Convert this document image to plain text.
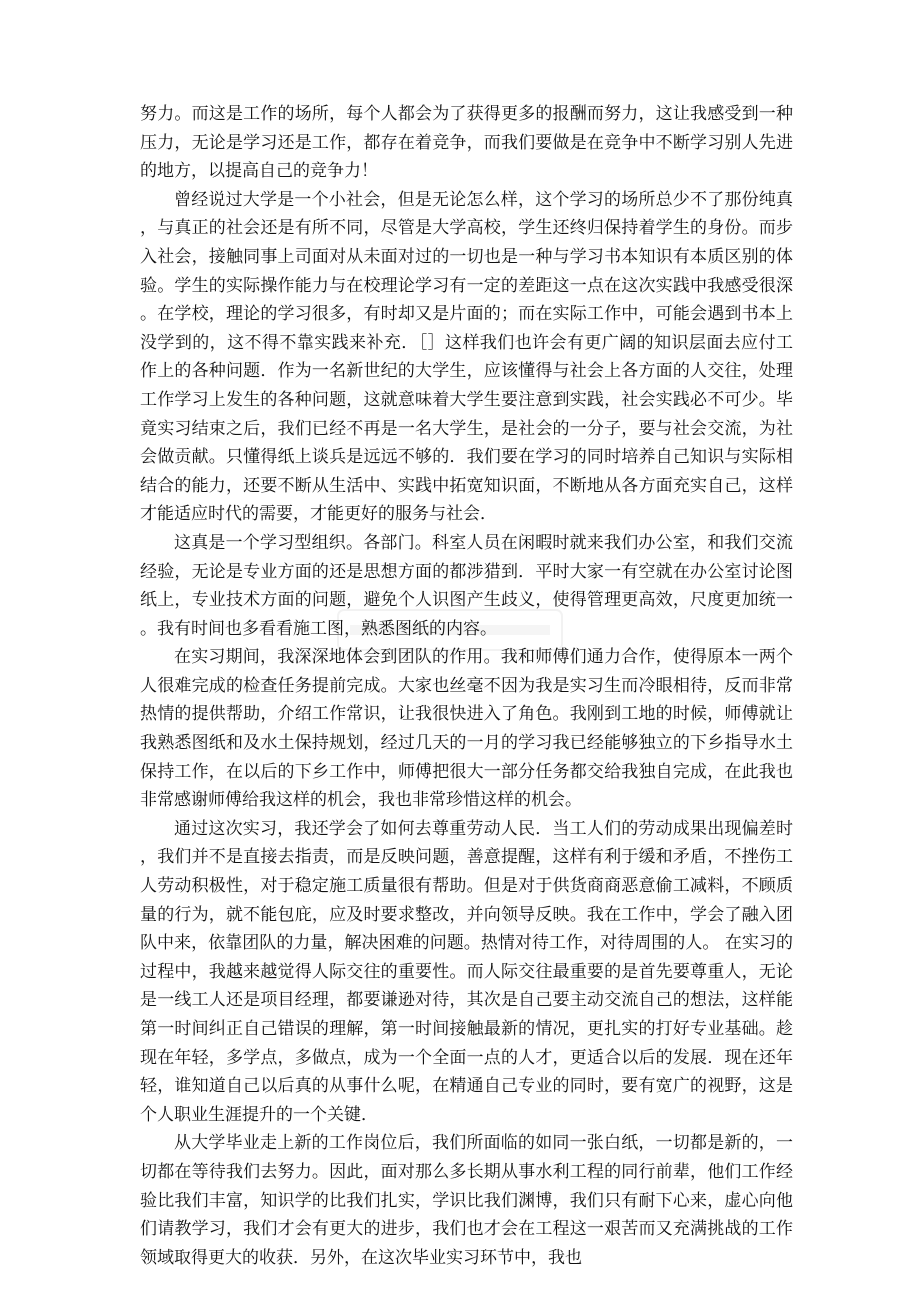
努力。而这是工作的场所，每个人都会为了获得更多的报酬而努力，这让我感受到一种压力，无论是学习还是工作，都存在着竞争，而我们要做是在竞争中不断学习别人先进的地方，以提高自己的竞争力！

曾经说过大学是一个小社会，但是无论怎么样，这个学习的场所总少不了那份纯真，与真正的社会还是有所不同，尽管是大学高校，学生还终归保持着学生的身份。而步入社会，接触同事上司面对从未面对过的一切也是一种与学习书本知识有本质区别的体验。学生的实际操作能力与在校理论学习有一定的差距这一点在这次实践中我感受很深。在学校，理论的学习很多，有时却又是片面的；而在实际工作中，可能会遇到书本上没学到的，这不得不靠实践来补充．［］这样我们也许会有更广阔的知识层面去应付工作上的各种问题．作为一名新世纪的大学生，应该懂得与社会上各方面的人交往，处理工作学习上发生的各种问题，这就意味着大学生要注意到实践，社会实践必不可少。毕竟实习结束之后，我们已经不再是一名大学生，是社会的一分子，要与社会交流，为社会做贡献。只懂得纸上谈兵是远远不够的．我们要在学习的同时培养自己知识与实际相结合的能力，还要不断从生活中、实践中拓宽知识面，不断地从各方面充实自己，这样才能适应时代的需要，才能更好的服务与社会．

这真是一个学习型组织。各部门。科室人员在闲暇时就来我们办公室，和我们交流经验，无论是专业方面的还是思想方面的都涉猎到．平时大家一有空就在办公室讨论图纸上，专业技术方面的问题，避免个人识图产生歧义，使得管理更高效，尺度更加统一。我有时间也多看看施工图，熟悉图纸的内容。

在实习期间，我深深地体会到团队的作用。我和师傅们通力合作，使得原本一两个人很难完成的检查任务提前完成。大家也丝毫不因为我是实习生而冷眼相待，反而非常热情的提供帮助，介绍工作常识，让我很快进入了角色。我刚到工地的时候，师傅就让我熟悉图纸和及水土保持规划，经过几天的一月的学习我已经能够独立的下乡指导水土保持工作，在以后的下乡工作中，师傅把很大一部分任务都交给我独自完成，在此我也非常感谢师傅给我这样的机会，我也非常珍惜这样的机会。

通过这次实习，我还学会了如何去尊重劳动人民．当工人们的劳动成果出现偏差时，我们并不是直接去指责，而是反映问题，善意提醒，这样有利于缓和矛盾，不挫伤工人劳动积极性，对于稳定施工质量很有帮助。但是对于供货商商恶意偷工减料，不顾质量的行为，就不能包庇，应及时要求整改，并向领导反映。我在工作中，学会了融入团队中来，依靠团队的力量，解决困难的问题。热情对待工作，对待周围的人。 在实习的过程中，我越来越觉得人际交往的重要性。而人际交往最重要的是首先要尊重人，无论是一线工人还是项目经理，都要谦逊对待，其次是自己要主动交流自己的想法，这样能第一时间纠正自己错误的理解，第一时间接触最新的情况，更扎实的打好专业基础。趁现在年轻，多学点，多做点，成为一个全面一点的人才，更适合以后的发展．现在还年轻，谁知道自己以后真的从事什么呢，在精通自己专业的同时，要有宽广的视野，这是个人职业生涯提升的一个关键．

从大学毕业走上新的工作岗位后，我们所面临的如同一张白纸，一切都是新的，一切都在等待我们去努力。因此，面对那么多长期从事水利工程的同行前辈，他们工作经验比我们丰富，知识学的比我们扎实，学识比我们渊博，我们只有耐下心来，虚心向他们请教学习，我们才会有更大的进步，我们也才会在工程这一艰苦而又充满挑战的工作领域取得更大的收获．另外，在这次毕业实习环节中，我也
